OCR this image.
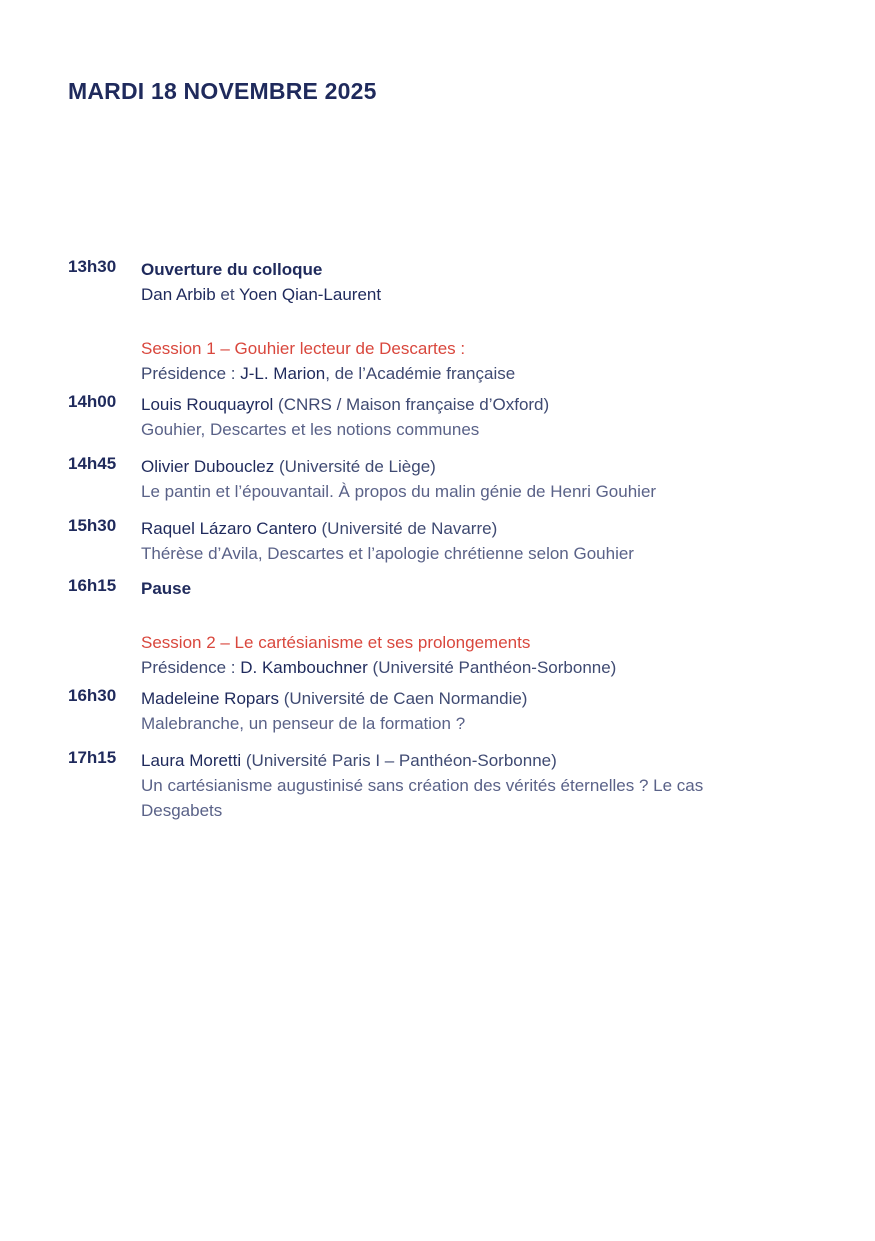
MARDI 18 NOVEMBRE 2025
13h30 Ouverture du colloque
Dan Arbib et Yoen Qian-Laurent
Session 1 – Gouhier lecteur de Descartes :
Présidence : J-L. Marion, de l’Académie française
14h00 Louis Rouquayrol (CNRS / Maison française d’Oxford)
Gouhier, Descartes et les notions communes
14h45 Olivier Dubouclez (Université de Liège)
Le pantin et l’épouvantail. À propos du malin génie de Henri Gouhier
15h30 Raquel Lázaro Cantero (Université de Navarre)
Thérèse d’Avila, Descartes et l’apologie chrétienne selon Gouhier
16h15 Pause
Session 2 – Le cartésianisme et ses prolongements
Présidence : D. Kambouchner (Université Panthéon-Sorbonne)
16h30 Madeleine Ropars (Université de Caen Normandie)
Malebranche, un penseur de la formation ?
17h15 Laura Moretti (Université Paris I – Panthéon-Sorbonne)
Un cartésianisme augustinisé sans création des vérités éternelles ? Le cas Desgabets
